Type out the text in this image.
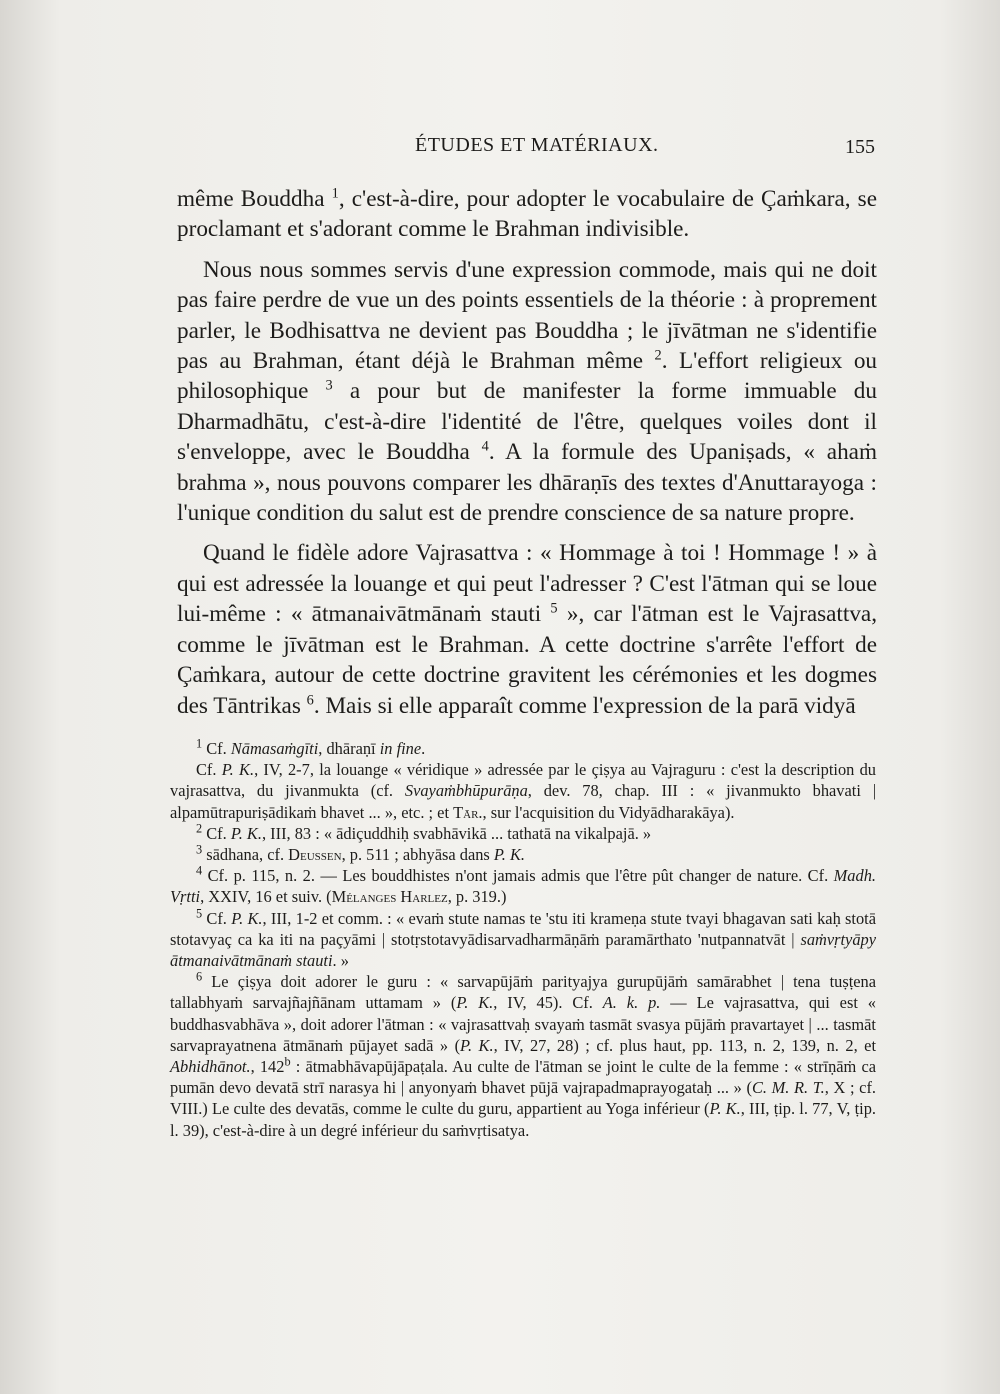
ÉTUDES ET MATÉRIAUX.	155

même Bouddha $^1$, c'est-à-dire, pour adopter le vocabulaire de Çaṁkara, se proclamant et s'adorant comme le Brahman indivisible.

Nous nous sommes servis d'une expression commode, mais qui ne doit pas faire perdre de vue un des points essentiels de la théorie : à proprement parler, le Bodhisattva ne devient pas Bouddha ; le jīvātman ne s'identifie pas au Brahman, étant déjà le Brahman même $^2$. L'effort religieux ou philosophique $^3$ a pour but de manifester la forme immuable du Dharmadhātu, c'est-à-dire l'identité de l'être, quelques voiles dont il s'enveloppe, avec le Bouddha $^4$. A la formule des Upaniṣads, « ahaṁ brahma », nous pouvons comparer les dhāraṇīs des textes d'Anuttarayoga : l'unique condition du salut est de prendre conscience de sa nature propre.

Quand le fidèle adore Vajrasattva : « Hommage à toi ! Hommage ! » à qui est adressée la louange et qui peut l'adresser ? C'est l'ātman qui se loue lui-même : « ātmanaivātmānaṁ stauti $^5$ », car l'ātman est le Vajrasattva, comme le jīvātman est le Brahman. A cette doctrine s'arrête l'effort de Çaṁkara, autour de cette doctrine gravitent les cérémonies et les dogmes des Tāntrikas $^6$. Mais si elle apparaît comme l'expression de la parā vidyā

$^1$ Cf. Nāmasaṁgīti, dhāraṇī in fine.

Cf. P. K., IV, 2-7, la louange « véridique » adressée par le çiṣya au Vajraguru : c'est la description du vajrasattva, du jivanmukta (cf. Svayaṁbhūpurāṇa, dev. 78, chap. III : « jivanmukto bhavati | alpamūtrapuriṣādikaṁ bhavet ... », etc. ; et Tār., sur l'acquisition du Vidyādharakāya).

$^2$ Cf. P. K., III, 83 : « ādiçuddhiḥ svabhāvikā ... tathatā na vikalpajā. »

$^3$ sādhana, cf. Deussen, p. 511 ; abhyāsa dans P. K.

$^4$ Cf. p. 115, n. 2. — Les bouddhistes n'ont jamais admis que l'être pût changer de nature. Cf. Madh. Vṛtti, XXIV, 16 et suiv. (Mélanges Harlez, p. 319.)

$^5$ Cf. P. K., III, 1-2 et comm. : « evaṁ stute namas te 'stu iti krameṇa stute tvayi bhagavan sati kaḥ stotā stotavyaç ca ka iti na paçyāmi | stotṛstotavyādisarvadharmāṇāṁ paramārthato 'nutpannatvāt | saṁvṛtyāpy ātmanaivātmānaṁ stauti. »

$^6$ Le çiṣya doit adorer le guru : « sarvapūjāṁ parityajya gurupūjāṁ samārabhet | tena tuṣṭena tallabhyaṁ sarvajñajñānam uttamam » (P. K., IV, 45). Cf. A. k. p. — Le vajrasattva, qui est « buddhasvabhāva », doit adorer l'ātman : « vajrasattvaḥ svayaṁ tasmāt svasya pūjāṁ pravartayet | ... tasmāt sarvaprayatnena ātmānaṁ pūjayet sadā » (P. K., IV, 27, 28) ; cf. plus haut, pp. 113, n. 2, 139, n. 2, et Abhidhānot., 142$^b$ : ātmabhāvapūjāpaṭala. Au culte de l'ātman se joint le culte de la femme : « strīṇāṁ ca pumān devo devatā strī narasya hi | anyonyaṁ bhavet pūjā vajrapadmaprayogataḥ ... » (C. M. R. T., X ; cf. VIII.) Le culte des devatās, comme le culte du guru, appartient au Yoga inférieur (P. K., III, ṭip. l. 77, V, ṭip. l. 39), c'est-à-dire à un degré inférieur du saṁvṛtisatya.
